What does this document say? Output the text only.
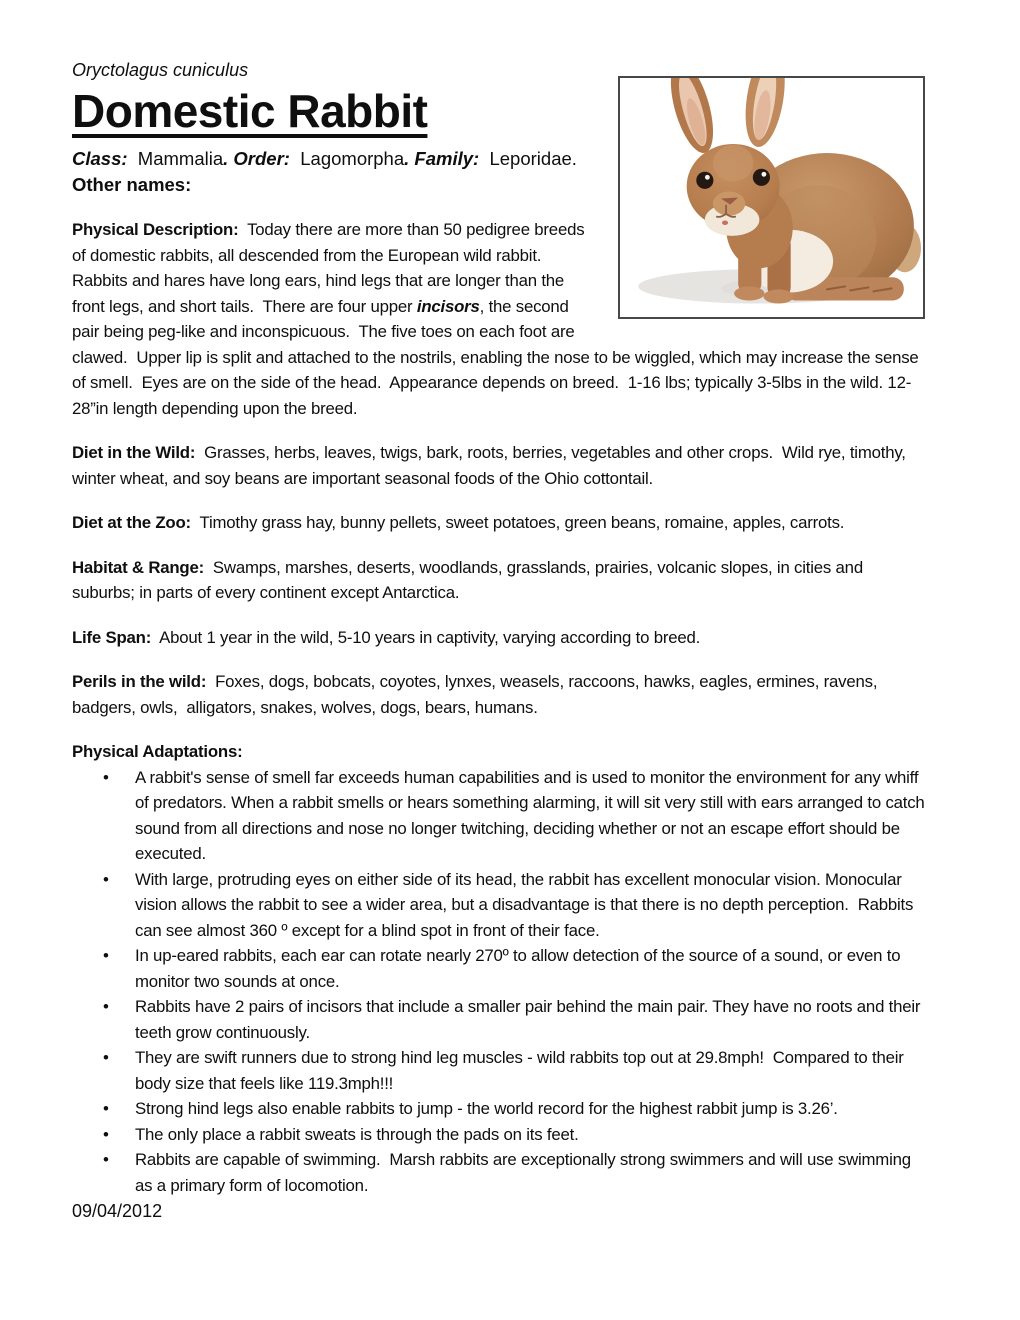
Oryctolagus cuniculus

Domestic Rabbit

Class:  Mammalia. Order:  Lagomorpha. Family:  Leporidae.

Other names:

Physical Description:  Today there are more than 50 pedigree breeds of domestic rabbits, all descended from the European wild rabbit.  Rabbits and hares have long ears, hind legs that are longer than the front legs, and short tails.  There are four upper incisors, the second pair being peg-like and inconspicuous.  The five toes on each foot are clawed.  Upper lip is split and attached to the nostrils, enabling the nose to be wiggled, which may increase the sense of smell.  Eyes are on the side of the head.  Appearance depends on breed.  1-16 lbs; typically 3-5lbs in the wild. 12-28”in length depending upon the breed.

Diet in the Wild:  Grasses, herbs, leaves, twigs, bark, roots, berries, vegetables and other crops.  Wild rye, timothy, winter wheat, and soy beans are important seasonal foods of the Ohio cottontail.

Diet at the Zoo:  Timothy grass hay, bunny pellets, sweet potatoes, green beans, romaine, apples, carrots.

Habitat & Range:  Swamps, marshes, deserts, woodlands, grasslands, prairies, volcanic slopes, in cities and suburbs; in parts of every continent except Antarctica.

Life Span:  About 1 year in the wild, 5-10 years in captivity, varying according to breed.

Perils in the wild:  Foxes, dogs, bobcats, coyotes, lynxes, weasels, raccoons, hawks, eagles, ermines, ravens, badgers, owls,  alligators, snakes, wolves, dogs, bears, humans.

Physical Adaptations:

• A rabbit's sense of smell far exceeds human capabilities and is used to monitor the environment for any whiff of predators. When a rabbit smells or hears something alarming, it will sit very still with ears arranged to catch sound from all directions and nose no longer twitching, deciding whether or not an escape effort should be executed.
• With large, protruding eyes on either side of its head, the rabbit has excellent monocular vision. Monocular vision allows the rabbit to see a wider area, but a disadvantage is that there is no depth perception.  Rabbits can see almost 360 º except for a blind spot in front of their face.
• In up-eared rabbits, each ear can rotate nearly 270º to allow detection of the source of a sound, or even to monitor two sounds at once.
• Rabbits have 2 pairs of incisors that include a smaller pair behind the main pair. They have no roots and their teeth grow continuously.
• They are swift runners due to strong hind leg muscles - wild rabbits top out at 29.8mph!  Compared to their body size that feels like 119.3mph!!!
• Strong hind legs also enable rabbits to jump - the world record for the highest rabbit jump is 3.26’.
• The only place a rabbit sweats is through the pads on its feet.
• Rabbits are capable of swimming.  Marsh rabbits are exceptionally strong swimmers and will use swimming as a primary form of locomotion.

09/04/2012
